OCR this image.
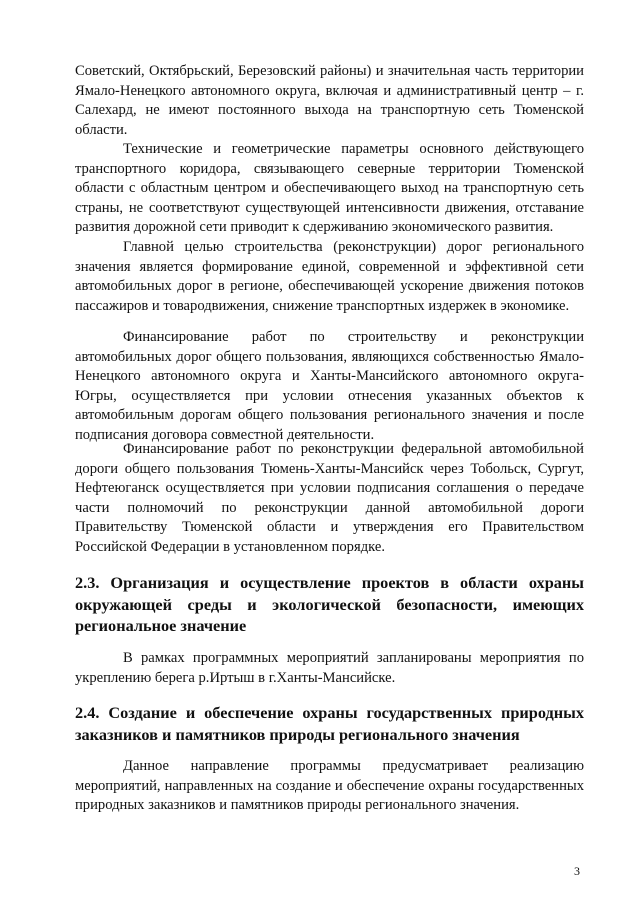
Советский, Октябрьский, Березовский районы) и значительная часть территории Ямало-Ненецкого автономного округа, включая и административный центр – г. Салехард, не имеют постоянного выхода на транспортную сеть Тюменской области.

Технические и геометрические параметры основного действующего транспортного коридора, связывающего северные территории Тюменской области с областным центром и обеспечивающего выход на транспортную сеть страны, не соответствуют существующей интенсивности движения, отставание развития дорожной сети приводит к сдерживанию экономического развития.

Главной целью строительства (реконструкции) дорог регионального значения является формирование единой, современной и эффективной сети автомобильных дорог в регионе, обеспечивающей ускорение движения потоков пассажиров и товародвижения, снижение транспортных издержек в экономике.

Финансирование работ по строительству и реконструкции автомобильных дорог общего пользования, являющихся собственностью Ямало-Ненецкого автономного округа и Ханты-Мансийского автономного округа-Югры, осуществляется при условии отнесения указанных объектов к автомобильным дорогам общего пользования регионального значения и после подписания договора совместной деятельности.

Финансирование работ по реконструкции федеральной автомобильной дороги общего пользования Тюмень-Ханты-Мансийск через Тобольск, Сургут, Нефтеюганск осуществляется при условии подписания соглашения о передаче части полномочий по реконструкции данной автомобильной дороги Правительству Тюменской области и утверждения его Правительством Российской Федерации в установленном порядке.

2.3. Организация и осуществление проектов в области охраны окружающей среды и экологической безопасности, имеющих региональное значение

В рамках программных мероприятий запланированы мероприятия по укреплению берега р.Иртыш в г.Ханты-Мансийске.

2.4. Создание и обеспечение охраны государственных природных заказников и памятников природы регионального значения

Данное направление программы предусматривает реализацию мероприятий, направленных на создание и обеспечение охраны государственных природных заказников и памятников природы регионального значения.

3
